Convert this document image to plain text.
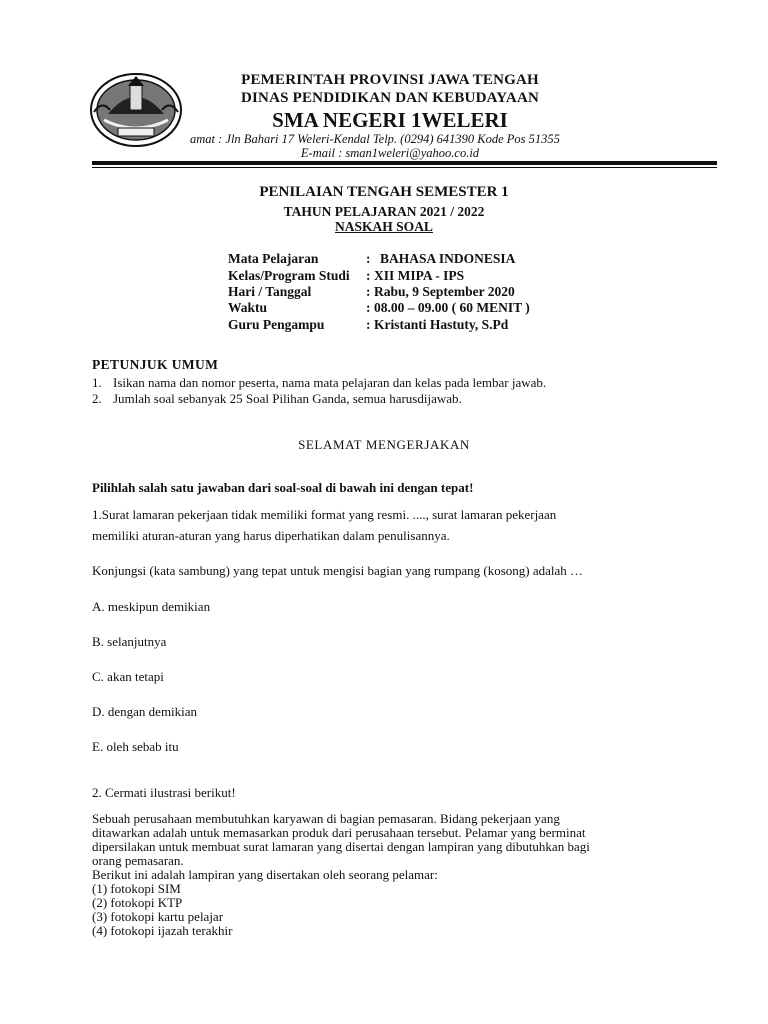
PEMERINTAH PROVINSI JAWA TENGAH
DINAS PENDIDIKAN DAN KEBUDAYAAN
SMA NEGERI 1WELERI
amat : Jln Bahari 17 Weleri-Kendal Telp. (0294) 641390 Kode Pos 51355
E-mail : sman1weleri@yahoo.co.id
PENILAIAN TENGAH SEMESTER 1
TAHUN PELAJARAN 2021 / 2022
NASKAH SOAL
Mata Pelajaran	: BAHASA INDONESIA
Kelas/Program Studi : XII MIPA - IPS
Hari / Tanggal	: Rabu, 9 September 2020
Waktu	: 08.00 – 09.00 ( 60 MENIT )
Guru Pengampu	: Kristanti Hastuty, S.Pd
PETUNJUK UMUM
1. Isikan nama dan nomor peserta, nama mata pelajaran dan kelas pada lembar jawab.
2. Jumlah soal sebanyak 25 Soal Pilihan Ganda, semua harusdijawab.
SELAMAT MENGERJAKAN
Pilihlah salah satu jawaban dari soal-soal di bawah ini dengan tepat!
1.Surat lamaran pekerjaan tidak memiliki format yang resmi. ...., surat lamaran pekerjaan
memiliki aturan-aturan yang harus diperhatikan dalam penulisannya.
Konjungsi (kata sambung) yang tepat untuk mengisi bagian yang rumpang (kosong) adalah …
A. meskipun demikian
B. selanjutnya
C. akan tetapi
D. dengan demikian
E. oleh sebab itu
2. Cermati ilustrasi berikut!
Sebuah perusahaan membutuhkan karyawan di bagian pemasaran. Bidang pekerjaan yang
ditawarkan adalah untuk memasarkan produk dari perusahaan tersebut. Pelamar yang berminat
dipersilakan untuk membuat surat lamaran yang disertai dengan lampiran yang dibutuhkan bagi
orang pemasaran.
Berikut ini adalah lampiran yang disertakan oleh seorang pelamar:
(1) fotokopi SIM
(2) fotokopi KTP
(3) fotokopi kartu pelajar
(4) fotokopi ijazah terakhir
